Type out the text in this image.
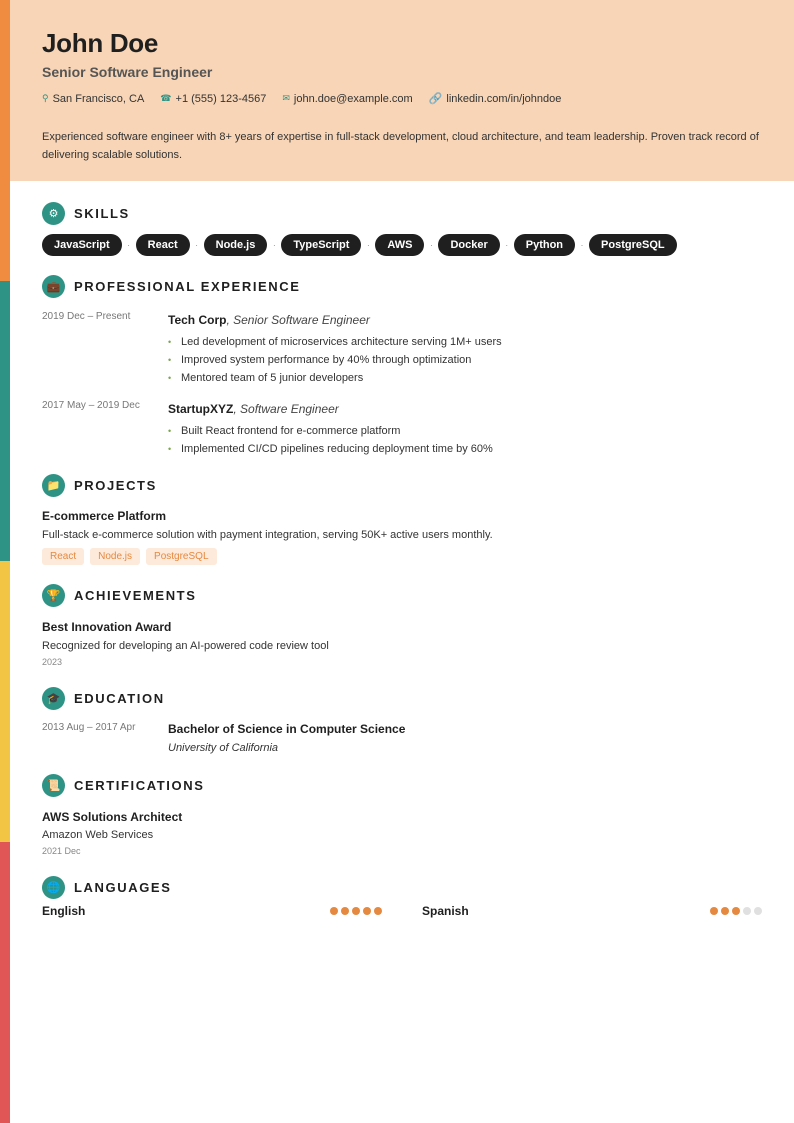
John Doe
Senior Software Engineer
⚲ San Francisco, CA ☎ +1 (555) 123-4567 ✉ john.doe@example.com 🔗 linkedin.com/in/johndoe
Experienced software engineer with 8+ years of expertise in full-stack development, cloud architecture, and team leadership. Proven track record of delivering scalable solutions.
⚙	SKILLS
JavaScript	·	React	·	Node.js	·	TypeScript	·	AWS	·	Docker	·	Python	·	PostgreSQL
💼	PROFESSIONAL EXPERIENCE
2019 Dec – Present	Tech Corp, Senior Software Engineer
• Led development of microservices architecture serving 1M+ users
• Improved system performance by 40% through optimization
• Mentored team of 5 junior developers
2017 May – 2019 Dec	StartupXYZ, Software Engineer
• Built React frontend for e-commerce platform
• Implemented CI/CD pipelines reducing deployment time by 60%
📁	PROJECTS
E-commerce Platform
Full-stack e-commerce solution with payment integration, serving 50K+ active users monthly.
React	Node.js	PostgreSQL
🏆	ACHIEVEMENTS
Best Innovation Award
Recognized for developing an AI-powered code review tool
2023
🎓	EDUCATION
2013 Aug – 2017 Apr	Bachelor of Science in Computer Science
University of California
📜	CERTIFICATIONS
AWS Solutions Architect
Amazon Web Services
2021 Dec
🌐	LANGUAGES
English	Spanish
